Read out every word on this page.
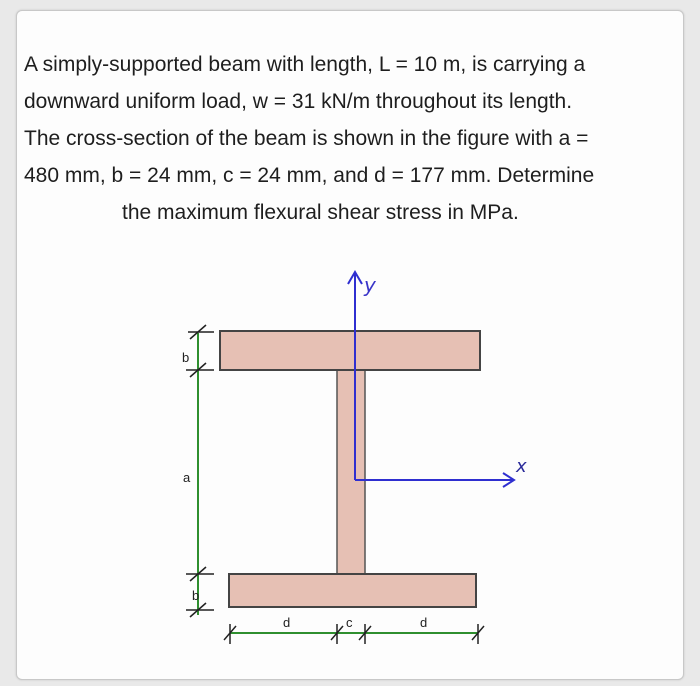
A simply-supported beam with length, L = 10 m, is carrying a

downward uniform load, w = 31 kN/m throughout its length.

The cross-section of the beam is shown in the figure with a =

480 mm, b = 24 mm, c = 24 mm, and d = 177 mm. Determine

the maximum flexural shear stress in MPa.

y
x
b
a
b
d	c	d
